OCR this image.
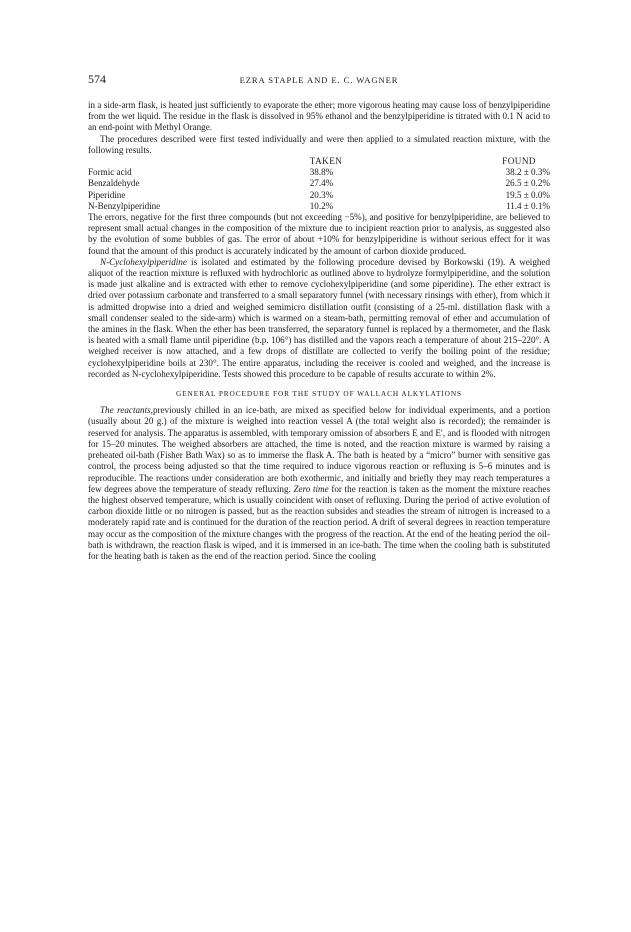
574	EZRA STAPLE AND E. C. WAGNER

in a side-arm flask, is heated just sufficiently to evaporate the ether; more vigorous heating may cause loss of benzylpiperidine from the wet liquid. The residue in the flask is dissolved in 95% ethanol and the benzylpiperidine is titrated with 0.1 N acid to an end-point with Methyl Orange.

The procedures described were first tested individually and were then applied to a simulated reaction mixture, with the following results.

	TAKEN	FOUND
Formic acid	38.8%	38.2 ± 0.3%
Benzaldehyde	27.4%	26.5 ± 0.2%
Piperidine	20.3%	19.5 ± 0.0%
N-Benzylpiperidine	10.2%	11.4 ± 0.1%

The errors, negative for the first three compounds (but not exceeding −5%), and positive for benzylpiperidine, are believed to represent small actual changes in the composition of the mixture due to incipient reaction prior to analysis, as suggested also by the evolution of some bubbles of gas. The error of about +10% for benzylpiperidine is without serious effect for it was found that the amount of this product is accurately indicated by the amount of carbon dioxide produced.

N-Cyclohexylpiperidine is isolated and estimated by the following procedure devised by Borkowski (19). A weighed aliquot of the reaction mixture is refluxed with hydrochloric as outlined above to hydrolyze formylpiperidine, and the solution is made just alkaline and is extracted with ether to remove cyclohexylpiperidine (and some piperidine). The ether extract is dried over potassium carbonate and transferred to a small separatory funnel (with necessary rinsings with ether), from which it is admitted dropwise into a dried and weighed semimicro distillation outfit (consisting of a 25-ml. distillation flask with a small condenser sealed to the side-arm) which is warmed on a steam-bath, permitting removal of ether and accumulation of the amines in the flask. When the ether has been transferred, the separatory funnel is replaced by a thermometer, and the flask is heated with a small flame until piperidine (b.p. 106°) has distilled and the vapors reach a temperature of about 215–220°. A weighed receiver is now attached, and a few drops of distillate are collected to verify the boiling point of the residue; cyclohexylpiperidine boils at 230°. The entire apparatus, including the receiver is cooled and weighed, and the increase is recorded as N-cyclohexylpiperidine. Tests showed this procedure to be capable of results accurate to within 2%.

GENERAL PROCEDURE FOR THE STUDY OF WALLACH ALKYLATIONS

The reactants,previously chilled in an ice-bath, are mixed as specified below for individual experiments, and a portion (usually about 20 g.) of the mixture is weighed into reaction vessel A (the total weight also is recorded); the remainder is reserved for analysis. The apparatus is assembled, with temporary omission of absorbers E and E′, and is flooded with nitrogen for 15–20 minutes. The weighed absorbers are attached, the time is noted, and the reaction mixture is warmed by raising a preheated oil-bath (Fisher Bath Wax) so as to immerse the flask A. The bath is heated by a “micro” burner with sensitive gas control, the process being adjusted so that the time required to induce vigorous reaction or refluxing is 5–6 minutes and is reproducible. The reactions under consideration are both exothermic, and initially and briefly they may reach temperatures a few degrees above the temperature of steady refluxing. Zero time for the reaction is taken as the moment the mixture reaches the highest observed temperature, which is usually coincident with onset of refluxing. During the period of active evolution of carbon dioxide little or no nitrogen is passed, but as the reaction subsides and steadies the stream of nitrogen is increased to a moderately rapid rate and is continued for the duration of the reaction period. A drift of several degrees in reaction temperature may occur as the composition of the mixture changes with the progress of the reaction. At the end of the heating period the oil-bath is withdrawn, the reaction flask is wiped, and it is immersed in an ice-bath. The time when the cooling bath is substituted for the heating bath is taken as the end of the reaction period. Since the cooling
